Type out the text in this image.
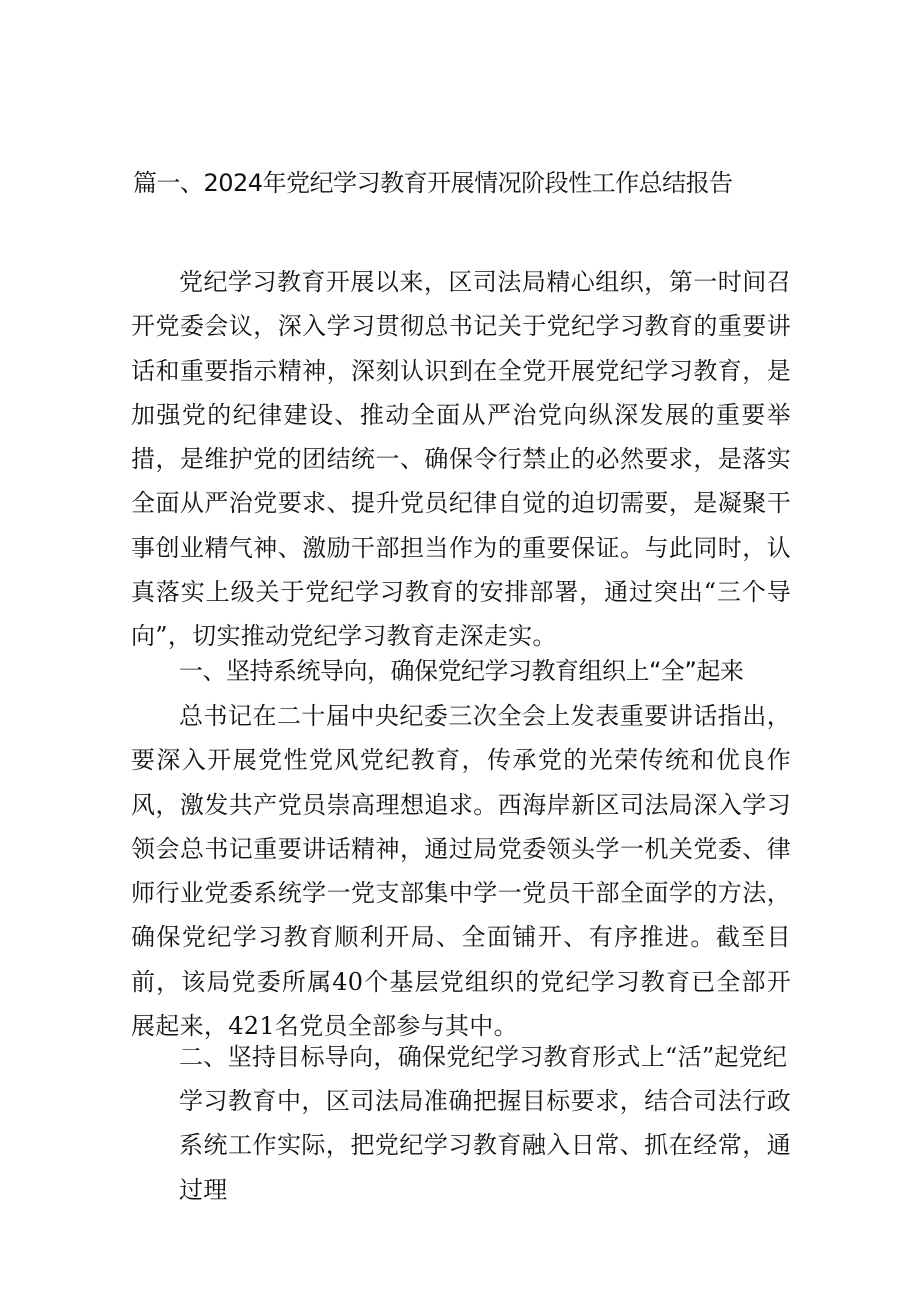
篇一、2024年党纪学习教育开展情况阶段性工作总结报告

党纪学习教育开展以来，区司法局精心组织，第一时间召开党委会议，深入学习贯彻总书记关于党纪学习教育的重要讲话和重要指示精神，深刻认识到在全党开展党纪学习教育，是加强党的纪律建设、推动全面从严治党向纵深发展的重要举措，是维护党的团结统一、确保令行禁止的必然要求，是落实全面从严治党要求、提升党员纪律自觉的迫切需要，是凝聚干事创业精气神、激励干部担当作为的重要保证。与此同时，认真落实上级关于党纪学习教育的安排部署，通过突出“三个导向”，切实推动党纪学习教育走深走实。

一、坚持系统导向，确保党纪学习教育组织上“全”起来

总书记在二十届中央纪委三次全会上发表重要讲话指出，要深入开展党性党风党纪教育，传承党的光荣传统和优良作风，激发共产党员崇高理想追求。西海岸新区司法局深入学习领会总书记重要讲话精神，通过局党委领头学一机关党委、律师行业党委系统学一党支部集中学一党员干部全面学的方法，确保党纪学习教育顺利开局、全面铺开、有序推进。截至目前，该局党委所属40个基层党组织的党纪学习教育已全部开展起来，421名党员全部参与其中。

二、坚持目标导向，确保党纪学习教育形式上“活”起党纪

学习教育中，区司法局准确把握目标要求，结合司法行政系统工作实际，把党纪学习教育融入日常、抓在经常，通过理
